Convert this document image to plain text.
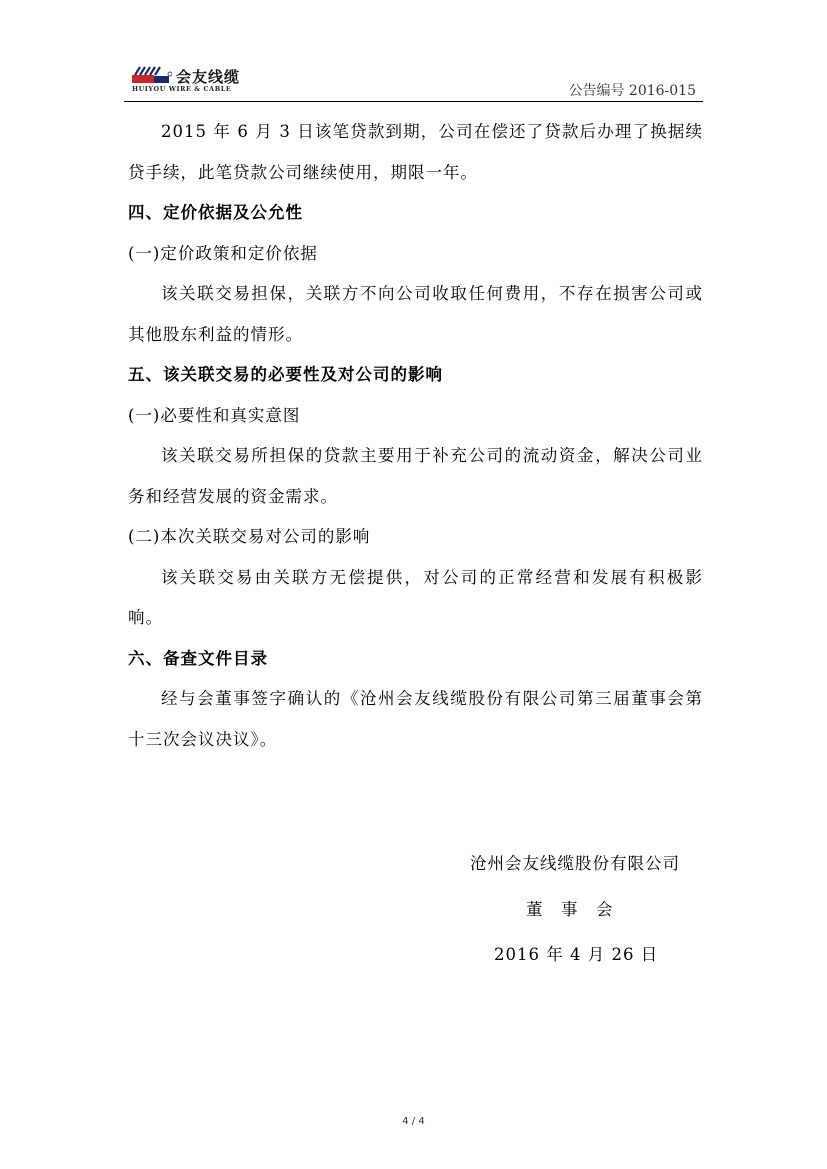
会友线缆
HUIYOU WIRE & CABLE	公告编号 2016-015

2015 年 6 月 3 日该笔贷款到期，公司在偿还了贷款后办理了换据续贷手续，此笔贷款公司继续使用，期限一年。

四、定价依据及公允性

(一)定价政策和定价依据

该关联交易担保，关联方不向公司收取任何费用，不存在损害公司或其他股东利益的情形。

五、该关联交易的必要性及对公司的影响

(一)必要性和真实意图

该关联交易所担保的贷款主要用于补充公司的流动资金，解决公司业务和经营发展的资金需求。

(二)本次关联交易对公司的影响

该关联交易由关联方无偿提供，对公司的正常经营和发展有积极影响。

六、备查文件目录

经与会董事签字确认的《沧州会友线缆股份有限公司第三届董事会第十三次会议决议》。

沧州会友线缆股份有限公司
董　事　会
2016 年 4 月 26 日
4 / 4
